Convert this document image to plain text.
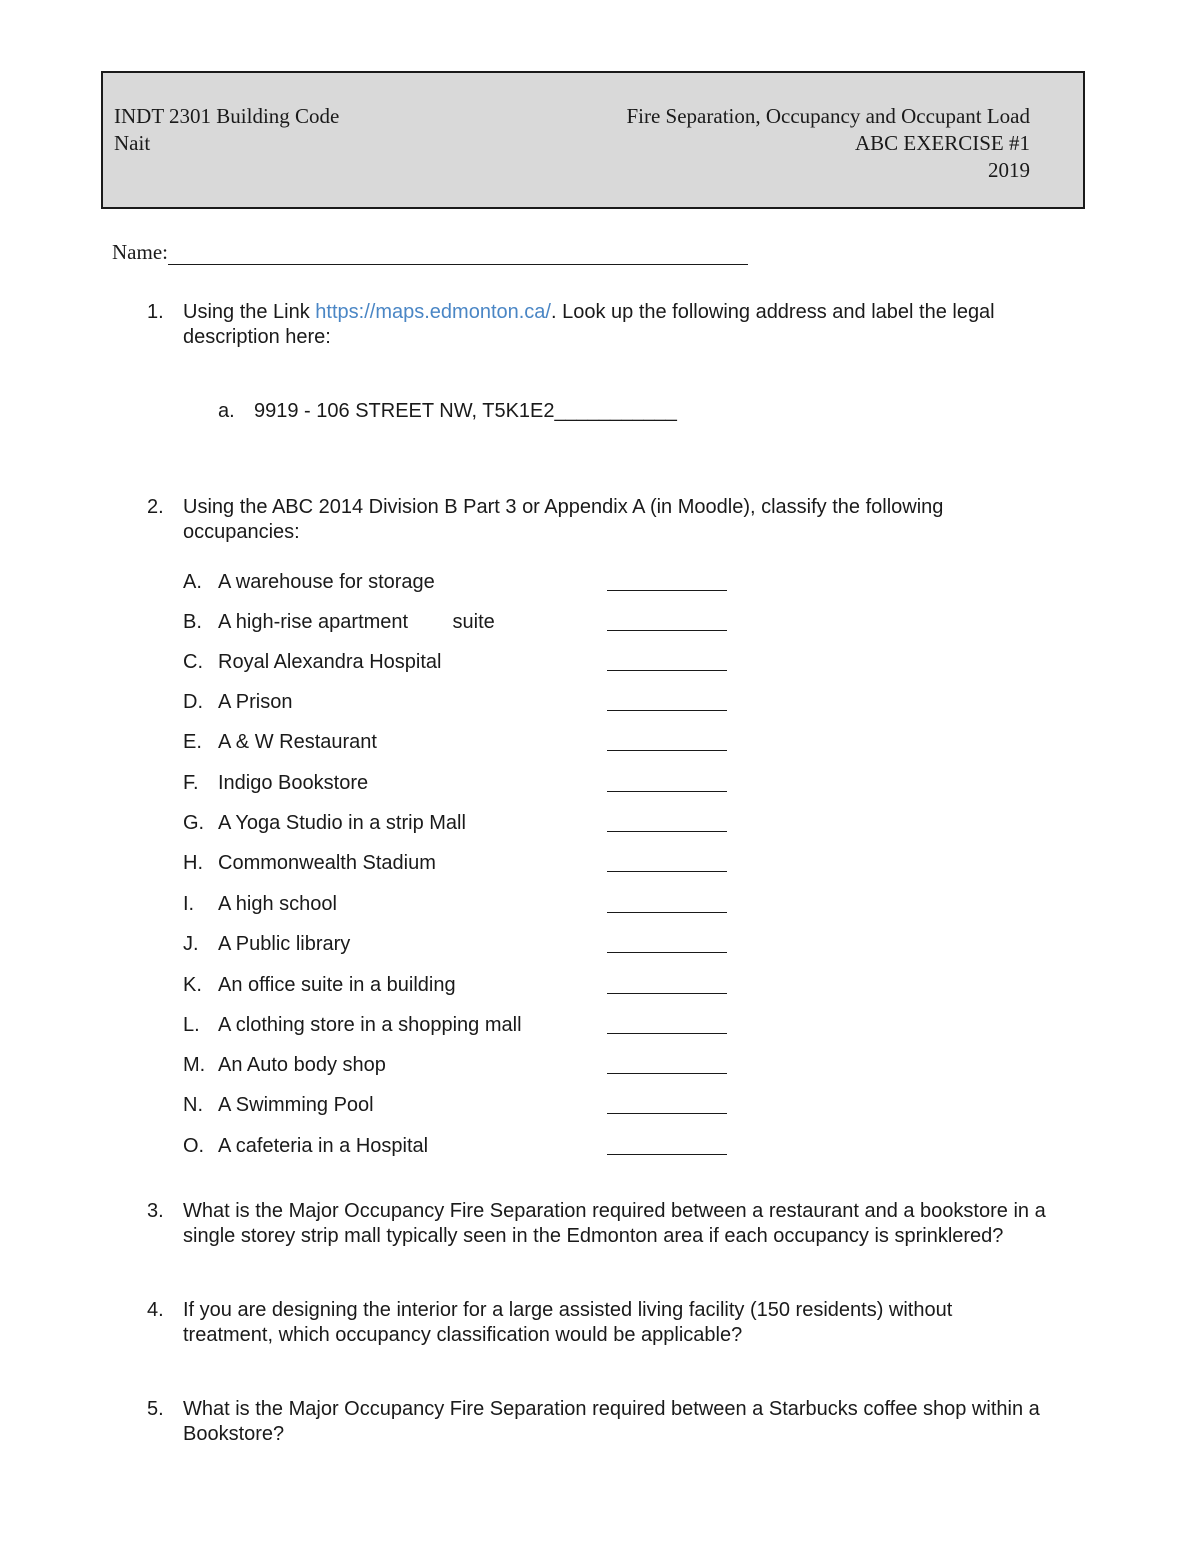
INDT 2301 Building Code
Nait
Fire Separation, Occupancy and Occupant Load
ABC EXERCISE #1
2019
Name:
1. Using the Link https://maps.edmonton.ca/. Look up the following address and label the legal description here:
a. 9919 - 106 STREET NW, T5K1E2___________
2. Using the ABC 2014 Division B Part 3 or Appendix A (in Moodle), classify the following occupancies:
A. A warehouse for storage
B. A high-rise apartment        suite
C. Royal Alexandra Hospital
D. A Prison
E. A & W Restaurant
F. Indigo Bookstore
G. A Yoga Studio in a strip Mall
H. Commonwealth Stadium
I. A high school
J. A Public library
K. An office suite in a building
L. A clothing store in a shopping mall
M. An Auto body shop
N. A Swimming Pool
O. A cafeteria in a Hospital
3. What is the Major Occupancy Fire Separation required between a restaurant and a bookstore in a single storey strip mall typically seen in the Edmonton area if each occupancy is sprinklered?
4. If you are designing the interior for a large assisted living facility (150 residents) without treatment, which occupancy classification would be applicable?
5. What is the Major Occupancy Fire Separation required between a Starbucks coffee shop within a Bookstore?
